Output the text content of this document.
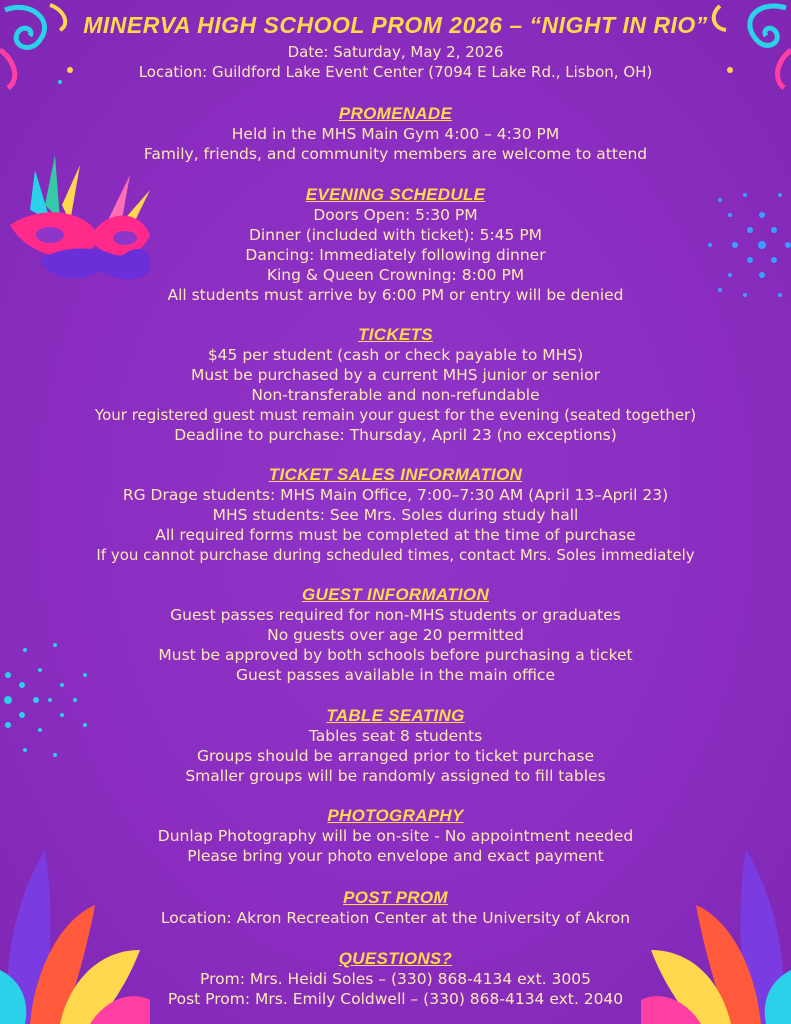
MINERVA HIGH SCHOOL PROM 2026 – “NIGHT IN RIO”
Date: Saturday, May 2, 2026
Location: Guildford Lake Event Center (7094 E Lake Rd., Lisbon, OH)
PROMENADE
Held in the MHS Main Gym 4:00 – 4:30 PM
Family, friends, and community members are welcome to attend
EVENING SCHEDULE
Doors Open: 5:30 PM
Dinner (included with ticket): 5:45 PM
Dancing: Immediately following dinner
King & Queen Crowning: 8:00 PM
All students must arrive by 6:00 PM or entry will be denied
TICKETS
$45 per student (cash or check payable to MHS)
Must be purchased by a current MHS junior or senior
Non-transferable and non-refundable
Your registered guest must remain your guest for the evening (seated together)
Deadline to purchase: Thursday, April 23 (no exceptions)
TICKET SALES INFORMATION
RG Drage students: MHS Main Office, 7:00–7:30 AM (April 13–April 23)
MHS students: See Mrs. Soles during study hall
All required forms must be completed at the time of purchase
If you cannot purchase during scheduled times, contact Mrs. Soles immediately
GUEST INFORMATION
Guest passes required for non-MHS students or graduates
No guests over age 20 permitted
Must be approved by both schools before purchasing a ticket
Guest passes available in the main office
TABLE SEATING
Tables seat 8 students
Groups should be arranged prior to ticket purchase
Smaller groups will be randomly assigned to fill tables
PHOTOGRAPHY
Dunlap Photography will be on-site - No appointment needed
Please bring your photo envelope and exact payment
POST PROM
Location: Akron Recreation Center at the University of Akron
QUESTIONS?
Prom: Mrs. Heidi Soles – (330) 868-4134 ext. 3005
Post Prom: Mrs. Emily Coldwell – (330) 868-4134 ext. 2040
